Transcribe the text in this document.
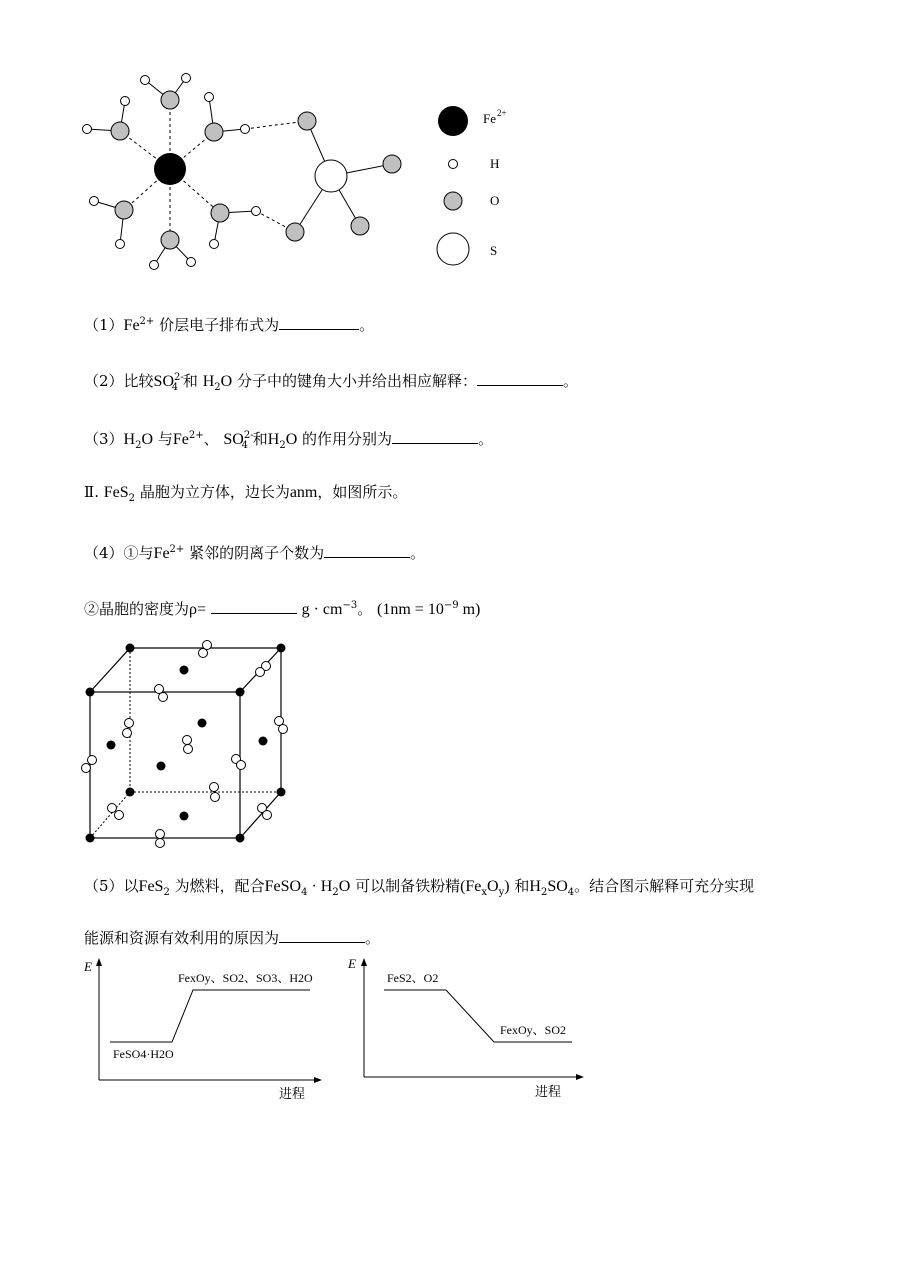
Fe 2+
H
O
S
$(1)Fe^{2+}$ 价层电子排布式为	。
（2）比较$SO^{2-}_4$ 和 $H_2O$ 分子中的键角大小并给出相应解释：	。
$(3)H_2O$ 与$Fe^{2+}$、 $SO^{2-}_4$ 和$H_2O$ 的作用分别为	。
Ⅱ. FeS$_2$ 晶胞为立方体，边长为anm，如图所示。
（4）①与$Fe^{2+}$ 紧邻的阴离子个数为	。
②晶胞的密度为ρ=	$g \cdot cm^{-3}$。 ($1nm = 10^{-9}$ m)
（5）以FeS$_2$ 为燃料，配合FeSO$_4$ · $H_2O$ 可以制备铁粉精$(Fe_xO_y)$ 和$H_2SO_4$。结合图示解释可充分实现
能源和资源有效利用的原因为	。
E
进程
FexOy、SO2、SO3、H2O
FeSO4·H2O
E
进程
FeS2、O2
FexOy、SO2
